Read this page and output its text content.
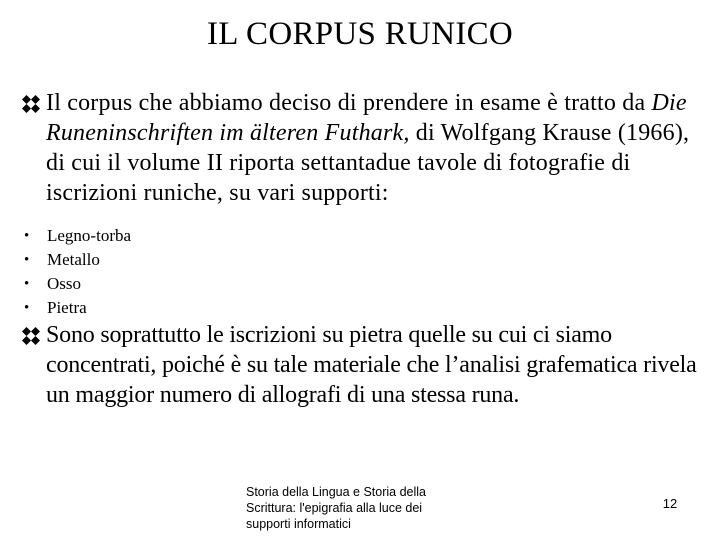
IL CORPUS RUNICO
Il corpus che abbiamo deciso di prendere in esame è tratto da Die Runeninschriften im älteren Futhark, di Wolfgang Krause (1966), di cui il volume II riporta settantadue tavole di fotografie di iscrizioni runiche, su vari supporti:
• Legno-torba
• Metallo
• Osso
• Pietra
Sono soprattutto le iscrizioni su pietra quelle su cui ci siamo concentrati, poiché è su tale materiale che l’analisi grafematica rivela un maggior numero di allografi di una stessa runa.
Storia della Lingua e Storia della Scrittura: l'epigrafia alla luce dei supporti informatici
12
